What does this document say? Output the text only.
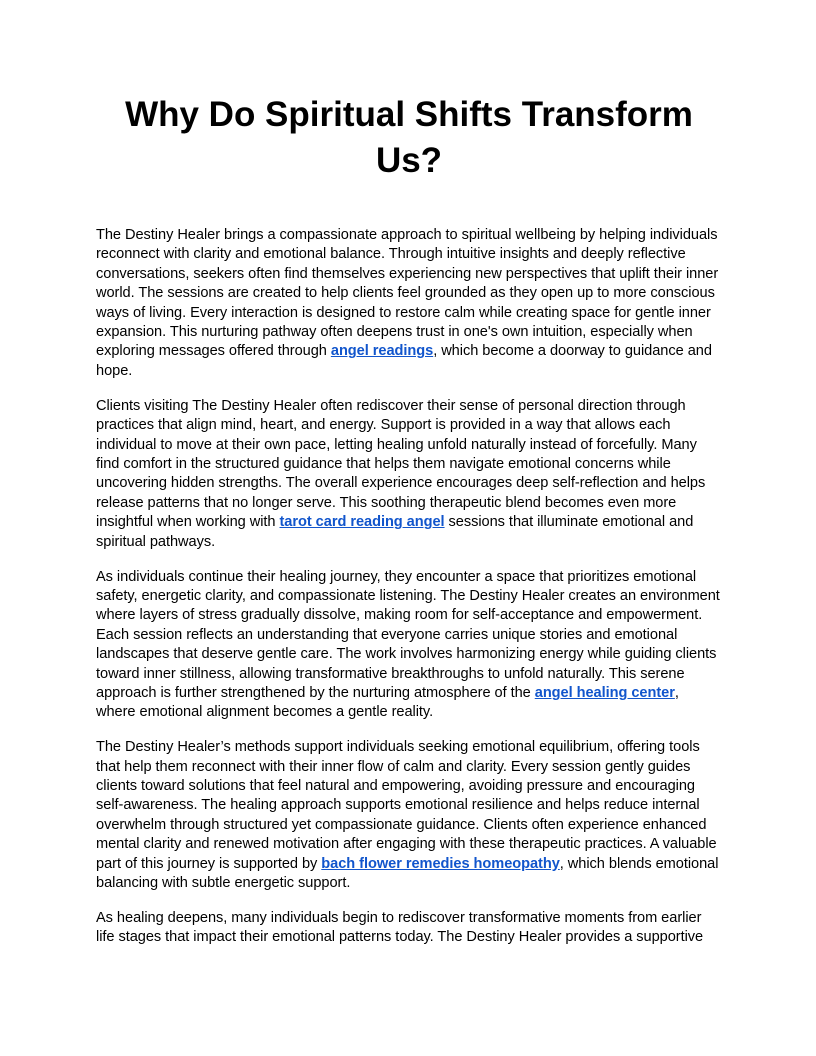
Why Do Spiritual Shifts Transform Us?

The Destiny Healer brings a compassionate approach to spiritual wellbeing by helping individuals reconnect with clarity and emotional balance. Through intuitive insights and deeply reflective conversations, seekers often find themselves experiencing new perspectives that uplift their inner world. The sessions are created to help clients feel grounded as they open up to more conscious ways of living. Every interaction is designed to restore calm while creating space for gentle inner expansion. This nurturing pathway often deepens trust in one's own intuition, especially when exploring messages offered through angel readings, which become a doorway to guidance and hope.

Clients visiting The Destiny Healer often rediscover their sense of personal direction through practices that align mind, heart, and energy. Support is provided in a way that allows each individual to move at their own pace, letting healing unfold naturally instead of forcefully. Many find comfort in the structured guidance that helps them navigate emotional concerns while uncovering hidden strengths. The overall experience encourages deep self-reflection and helps release patterns that no longer serve. This soothing therapeutic blend becomes even more insightful when working with tarot card reading angel sessions that illuminate emotional and spiritual pathways.

As individuals continue their healing journey, they encounter a space that prioritizes emotional safety, energetic clarity, and compassionate listening. The Destiny Healer creates an environment where layers of stress gradually dissolve, making room for self-acceptance and empowerment. Each session reflects an understanding that everyone carries unique stories and emotional landscapes that deserve gentle care. The work involves harmonizing energy while guiding clients toward inner stillness, allowing transformative breakthroughs to unfold naturally. This serene approach is further strengthened by the nurturing atmosphere of the angel healing center, where emotional alignment becomes a gentle reality.

The Destiny Healer’s methods support individuals seeking emotional equilibrium, offering tools that help them reconnect with their inner flow of calm and clarity. Every session gently guides clients toward solutions that feel natural and empowering, avoiding pressure and encouraging self-awareness. The healing approach supports emotional resilience and helps reduce internal overwhelm through structured yet compassionate guidance. Clients often experience enhanced mental clarity and renewed motivation after engaging with these therapeutic practices. A valuable part of this journey is supported by bach flower remedies homeopathy, which blends emotional balancing with subtle energetic support.

As healing deepens, many individuals begin to rediscover transformative moments from earlier life stages that impact their emotional patterns today. The Destiny Healer provides a supportive
